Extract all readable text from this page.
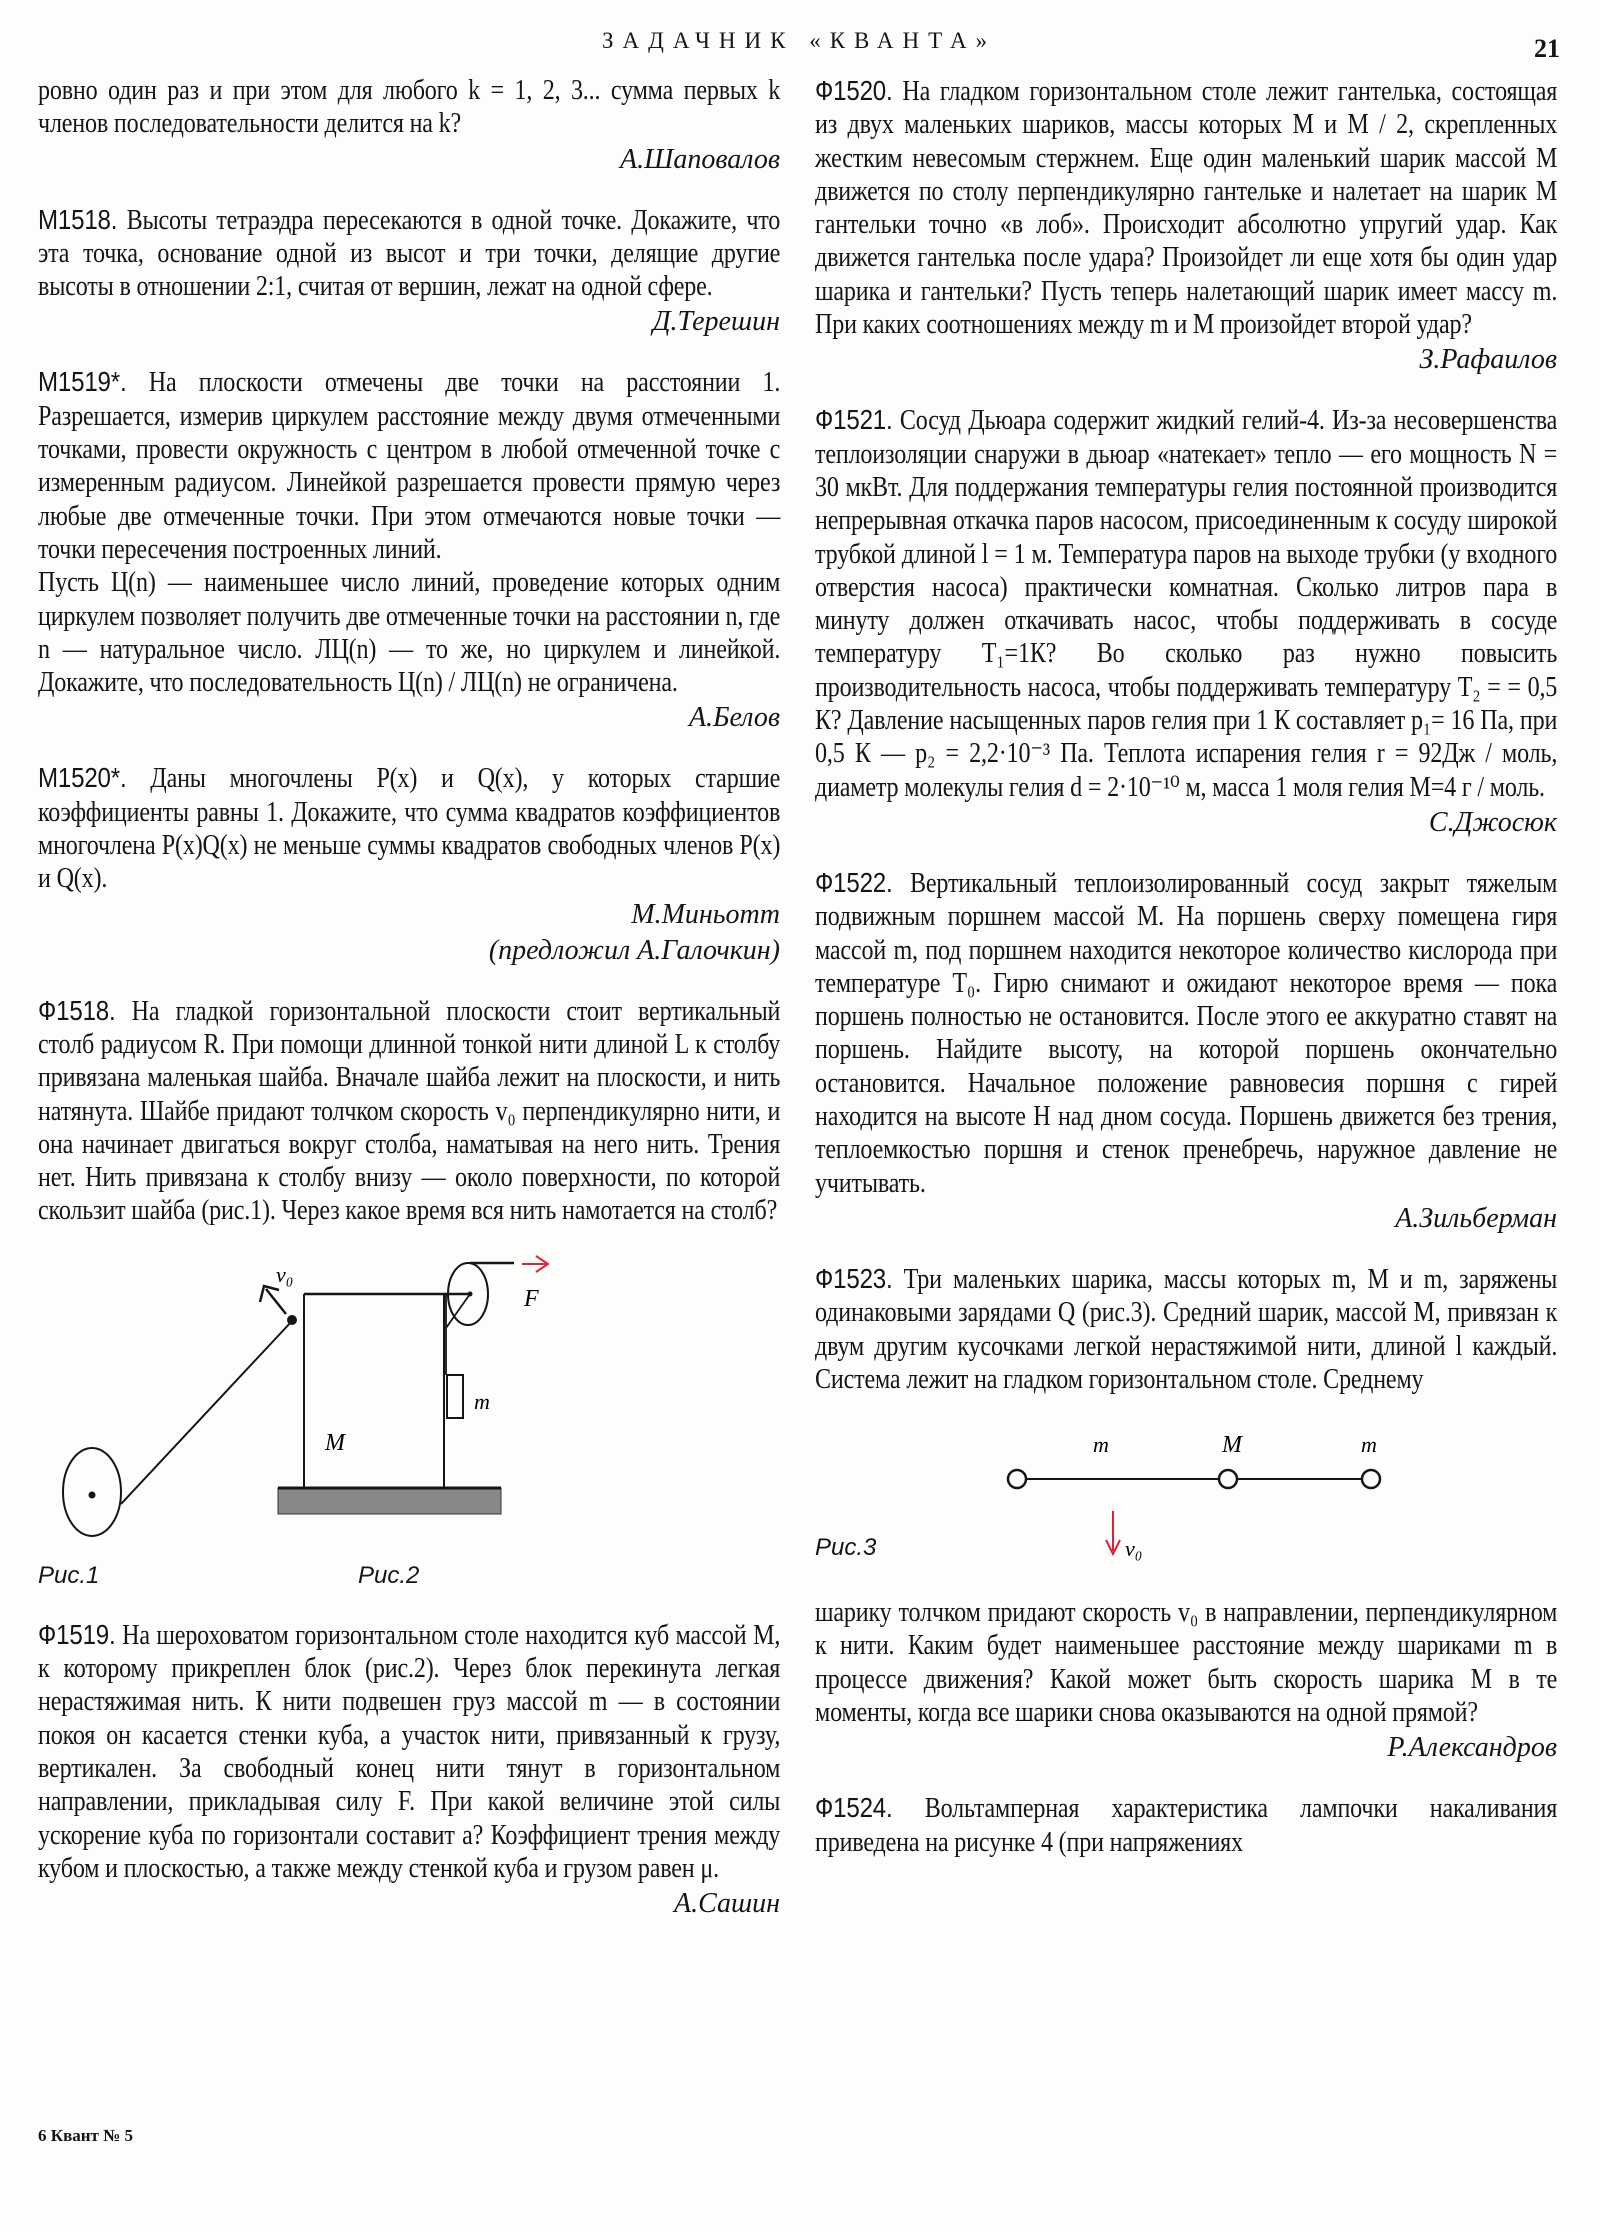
ЗАДАЧНИК «КВАНТА»	21
ровно один раз и при этом для любого k = 1, 2, 3... сумма первых k членов последовательности делится на k?
А.Шаповалов
М1518. Высоты тетраэдра пересекаются в одной точке. Докажите, что эта точка, основание одной из высот и три точки, делящие другие высоты в отношении 2:1, считая от вершин, лежат на одной сфере.
Д.Терешин
М1519*. На плоскости отмечены две точки на расстоянии 1. Разрешается, измерив циркулем расстояние между двумя отмеченными точками, провести окружность с центром в любой отмеченной точке с измеренным радиусом. Линейкой разрешается провести прямую через любые две отмеченные точки. При этом отмечаются новые точки — точки пересечения построенных линий.
Пусть Ц(n) — наименьшее число линий, проведение которых одним циркулем позволяет получить две отмеченные точки на расстоянии n, где n — натуральное число. ЛЦ(n) — то же, но циркулем и линейкой. Докажите, что последовательность Ц(n) / ЛЦ(n) не ограничена.
А.Белов
М1520*. Даны многочлены P(x) и Q(x), у которых старшие коэффициенты равны 1. Докажите, что сумма квадратов коэффициентов многочлена P(x)Q(x) не меньше суммы квадратов свободных членов P(x) и Q(x).
М.Миньотт
(предложил А.Галочкин)
Ф1518. На гладкой горизонтальной плоскости стоит вертикальный столб радиусом R. При помощи длинной тонкой нити длиной L к столбу привязана маленькая шайба. Вначале шайба лежит на плоскости, и нить натянута. Шайбе придают толчком скорость v₀ перпендикулярно нити, и она начинает двигаться вокруг столба, наматывая на него нить. Трения нет. Нить привязана к столбу внизу — около поверхности, по которой скользит шайба (рис.1). Через какое время вся нить намотается на столб?
v₀
m
M
F
Рис.1	Рис.2
Ф1519. На шероховатом горизонтальном столе находится куб массой M, к которому прикреплен блок (рис.2). Через блок перекинута легкая нерастяжимая нить. К нити подвешен груз массой m — в состоянии покоя он касается стенки куба, а участок нити, привязанный к грузу, вертикален. За свободный конец нити тянут в горизонтальном направлении, прикладывая силу F. При какой величине этой силы ускорение куба по горизонтали составит a? Коэффициент трения между кубом и плоскостью, а также между стенкой куба и грузом равен μ.
А.Сашин
Ф1520. На гладком горизонтальном столе лежит гантелька, состоящая из двух маленьких шариков, массы которых M и M / 2, скрепленных жестким невесомым стержнем. Еще один маленький шарик массой M движется по столу перпендикулярно гантельке и налетает на шарик M гантельки точно «в лоб». Происходит абсолютно упругий удар. Как движется гантелька после удара? Произойдет ли еще хотя бы один удар шарика и гантельки? Пусть теперь налетающий шарик имеет массу m. При каких соотношениях между m и M произойдет второй удар?
З.Рафаилов
Ф1521. Сосуд Дьюара содержит жидкий гелий-4. Из-за несовершенства теплоизоляции снаружи в дьюар «натекает» тепло — его мощность N = 30 мкВт. Для поддержания температуры гелия постоянной производится непрерывная откачка паров насосом, присоединенным к сосуду широкой трубкой длиной l = 1 м. Температура паров на выходе трубки (у входного отверстия насоса) практически комнатная. Сколько литров пара в минуту должен откачивать насос, чтобы поддерживать в сосуде температуру T₁=1К? Во сколько раз нужно повысить производительность насоса, чтобы поддерживать температуру T₂ = = 0,5 К? Давление насыщенных паров гелия при 1 К составляет p₁= 16 Па, при 0,5 К — p₂ = 2,2·10⁻³ Па. Теплота испарения гелия r = 92Дж / моль, диаметр молекулы гелия d = 2·10⁻¹⁰ м, масса 1 моля гелия M=4 г / моль.
С.Джосюк
Ф1522. Вертикальный теплоизолированный сосуд закрыт тяжелым подвижным поршнем массой M. На поршень сверху помещена гиря массой m, под поршнем находится некоторое количество кислорода при температуре T₀. Гирю снимают и ожидают некоторое время — пока поршень полностью не остановится. После этого ее аккуратно ставят на поршень. Найдите высоту, на которой поршень окончательно остановится. Начальное положение равновесия поршня с гирей находится на высоте H над дном сосуда. Поршень движется без трения, теплоемкостью поршня и стенок пренебречь, наружное давление не учитывать.
А.Зильберман
Ф1523. Три маленьких шарика, массы которых m, M и m, заряжены одинаковыми зарядами Q (рис.3). Средний шарик, массой M, привязан к двум другим кусочками легкой нерастяжимой нити, длиной l каждый. Система лежит на гладком горизонтальном столе. Среднему
m	M	m
v₀
Рис.3
шарику толчком придают скорость v₀ в направлении, перпендикулярном к нити. Каким будет наименьшее расстояние между шариками m в процессе движения? Какой может быть скорость шарика M в те моменты, когда все шарики снова оказываются на одной прямой?
Р.Александров
Ф1524. Вольтамперная характеристика лампочки накаливания приведена на рисунке 4 (при напряжениях
6 Квант № 5
